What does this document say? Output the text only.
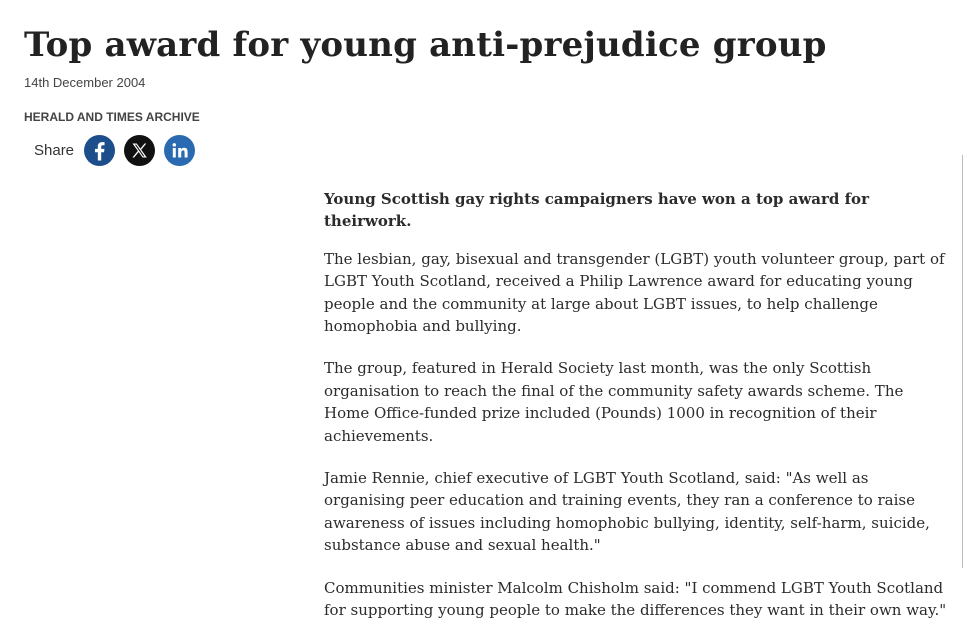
Top award for young anti-prejudice group
14th December 2004
HERALD AND TIMES ARCHIVE
Share

Young Scottish gay rights campaigners have won a top award for theirwork.

The lesbian, gay, bisexual and transgender (LGBT) youth volunteer group, part of LGBT Youth Scotland, received a Philip Lawrence award for educating young people and the community at large about LGBT issues, to help challenge homophobia and bullying.

The group, featured in Herald Society last month, was the only Scottish organisation to reach the final of the community safety awards scheme. The Home Office-funded prize included (Pounds) 1000 in recognition of their achievements.

Jamie Rennie, chief executive of LGBT Youth Scotland, said: "As well as organising peer education and training events, they ran a conference to raise awareness of issues including homophobic bullying, identity, self-harm, suicide, substance abuse and sexual health."

Communities minister Malcolm Chisholm said: "I commend LGBT Youth Scotland for supporting young people to make the differences they want in their own way."
